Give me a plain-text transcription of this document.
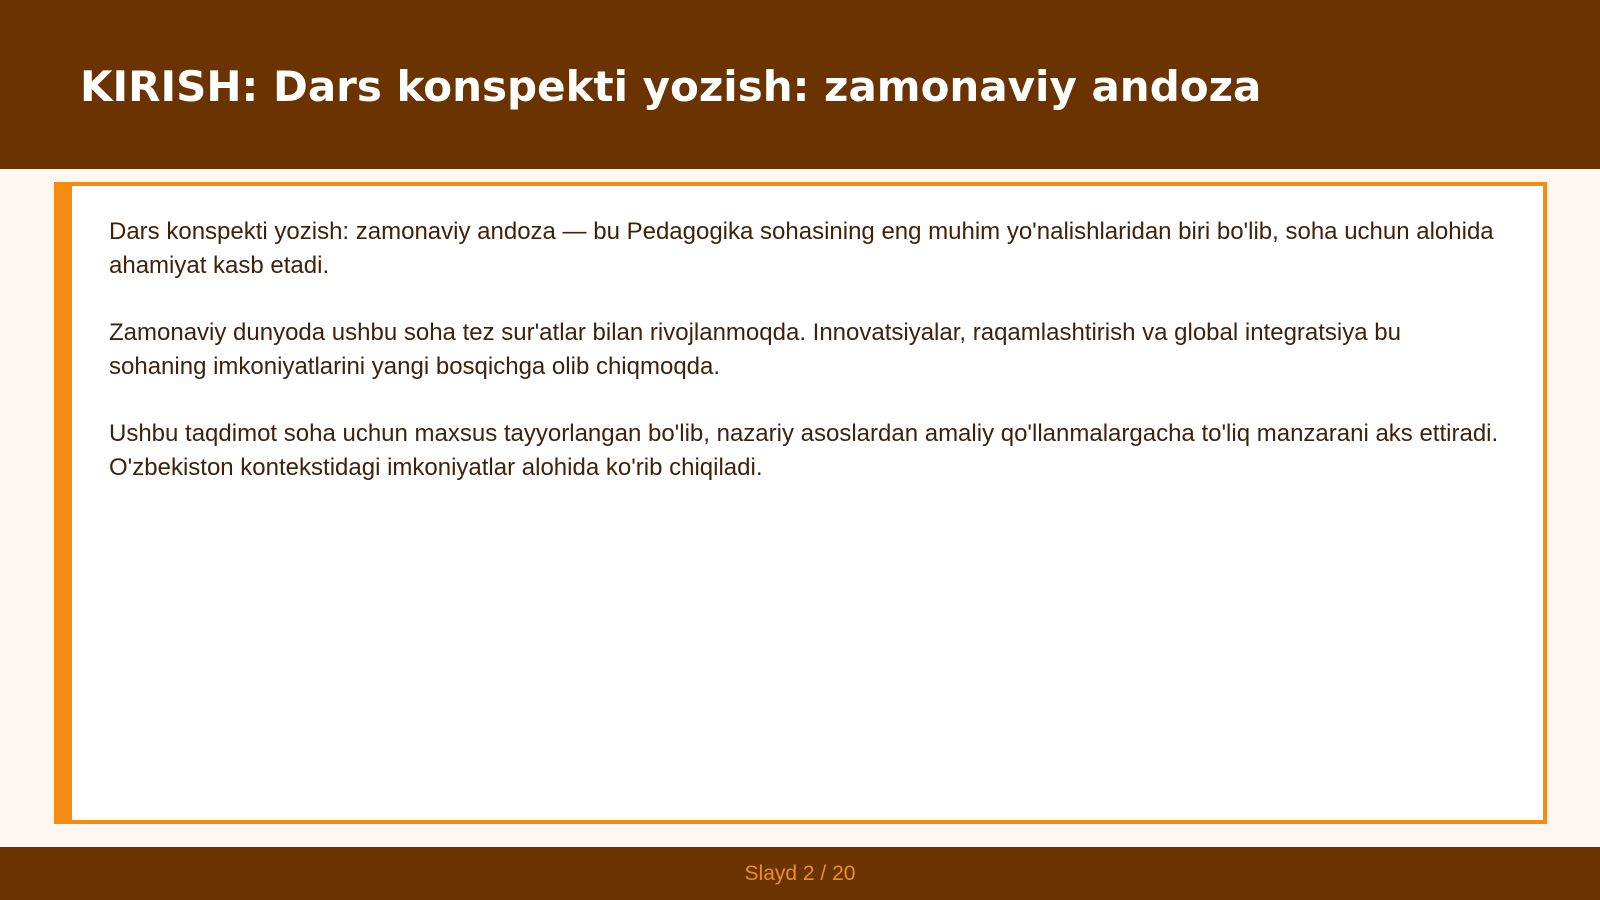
KIRISH: Dars konspekti yozish: zamonaviy andoza

Dars konspekti yozish: zamonaviy andoza — bu Pedagogika sohasining eng muhim yo'nalishlaridan biri bo'lib, soha uchun alohida ahamiyat kasb etadi.

Zamonaviy dunyoda ushbu soha tez sur'atlar bilan rivojlanmoqda. Innovatsiyalar, raqamlashtirish va global integratsiya bu sohaning imkoniyatlarini yangi bosqichga olib chiqmoqda.

Ushbu taqdimot soha uchun maxsus tayyorlangan bo'lib, nazariy asoslardan amaliy qo'llanmalargacha to'liq manzarani aks ettiradi. O'zbekiston kontekstidagi imkoniyatlar alohida ko'rib chiqiladi.

Slayd 2 / 20
